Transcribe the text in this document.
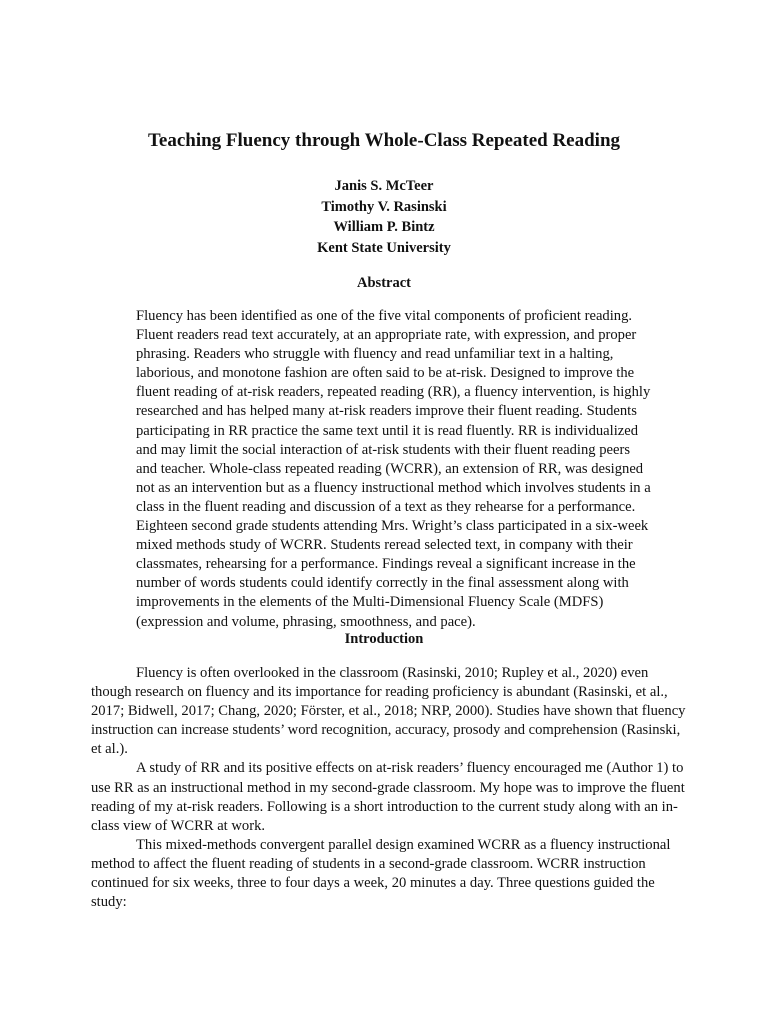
Teaching Fluency through Whole-Class Repeated Reading
Janis S. McTeer
Timothy V. Rasinski
William P. Bintz
Kent State University
Abstract

Fluency has been identified as one of the five vital components of proficient reading. Fluent readers read text accurately, at an appropriate rate, with expression, and proper phrasing. Readers who struggle with fluency and read unfamiliar text in a halting, laborious, and monotone fashion are often said to be at-risk. Designed to improve the fluent reading of at-risk readers, repeated reading (RR), a fluency intervention, is highly researched and has helped many at-risk readers improve their fluent reading. Students participating in RR practice the same text until it is read fluently. RR is individualized and may limit the social interaction of at-risk students with their fluent reading peers and teacher. Whole-class repeated reading (WCRR), an extension of RR, was designed not as an intervention but as a fluency instructional method which involves students in a class in the fluent reading and discussion of a text as they rehearse for a performance. Eighteen second grade students attending Mrs. Wright’s class participated in a six-week mixed methods study of WCRR. Students reread selected text, in company with their classmates, rehearsing for a performance. Findings reveal a significant increase in the number of words students could identify correctly in the final assessment along with improvements in the elements of the Multi-Dimensional Fluency Scale (MDFS) (expression and volume, phrasing, smoothness, and pace).

Introduction

Fluency is often overlooked in the classroom (Rasinski, 2010; Rupley et al., 2020) even though research on fluency and its importance for reading proficiency is abundant (Rasinski, et al., 2017; Bidwell, 2017; Chang, 2020; Förster, et al., 2018; NRP, 2000). Studies have shown that fluency instruction can increase students’ word recognition, accuracy, prosody and comprehension (Rasinski, et al.).

A study of RR and its positive effects on at-risk readers’ fluency encouraged me (Author 1) to use RR as an instructional method in my second-grade classroom. My hope was to improve the fluent reading of my at-risk readers. Following is a short introduction to the current study along with an in-class view of WCRR at work.

This mixed-methods convergent parallel design examined WCRR as a fluency instructional method to affect the fluent reading of students in a second-grade classroom. WCRR instruction continued for six weeks, three to four days a week, 20 minutes a day. Three questions guided the study:
